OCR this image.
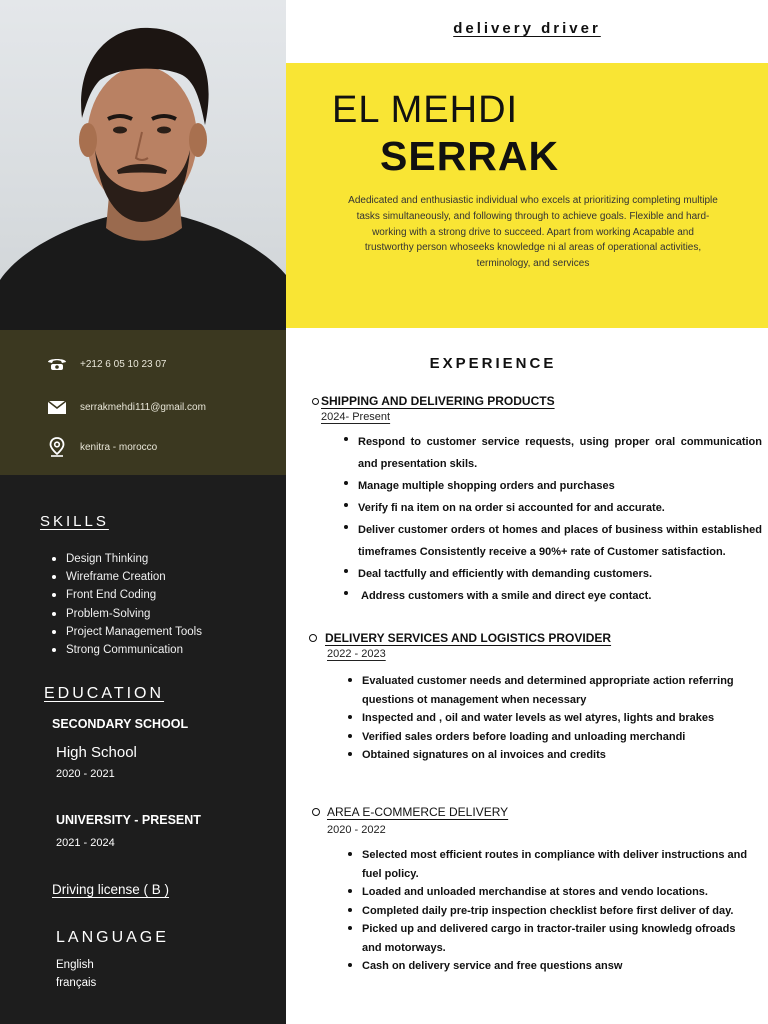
+212 6 05 10 23 07
serrakmehdi111@gmail.com
kenitra - morocco
SKILLS
Design Thinking
Wireframe Creation
Front End Coding
Problem-Solving
Project Management Tools
Strong Communication
EDUCATION
SECONDARY SCHOOL
High School
2020 - 2021
UNIVERSITY - PRESENT
2021 - 2024
Driving license ( B )
LANGUAGE
English
français
delivery driver
EL MEHDI
SERRAK
Adedicated and enthusiastic individual who excels at prioritizing completing multiple tasks simultaneously, and following through to achieve goals. Flexible and hard-working with a strong drive to succeed. Apart from working Acapable and trustworthy person whoseeks knowledge ni al areas of operational activities, terminology, and services
EXPERIENCE
SHIPPING AND DELIVERING PRODUCTS
2024- Present
Respond to customer service requests, using proper oral communication and presentation skils.
Manage multiple shopping orders and purchases
Verify fi na item on na order si accounted for and accurate.
Deliver customer orders ot homes and places of business within established timeframes Consistently receive a 90%+ rate of Customer satisfaction.
Deal tactfully and efficiently with demanding customers.
Address customers with a smile and direct eye contact.
DELIVERY SERVICES AND LOGISTICS PROVIDER
2022 - 2023
Evaluated customer needs and determined appropriate action referring questions ot management when necessary
Inspected and , oil and water levels as wel atyres, lights and brakes
Verified sales orders before loading and unloading merchandi
Obtained signatures on al invoices and credits
AREA E-COMMERCE DELIVERY
2020 - 2022
Selected most efficient routes in compliance with deliver instructions and fuel policy.
Loaded and unloaded merchandise at stores and vendo locations.
Completed daily pre-trip inspection checklist before first deliver of day.
Picked up and delivered cargo in tractor-trailer using knowledg ofroads and motorways.
Cash on delivery service and free questions answ
